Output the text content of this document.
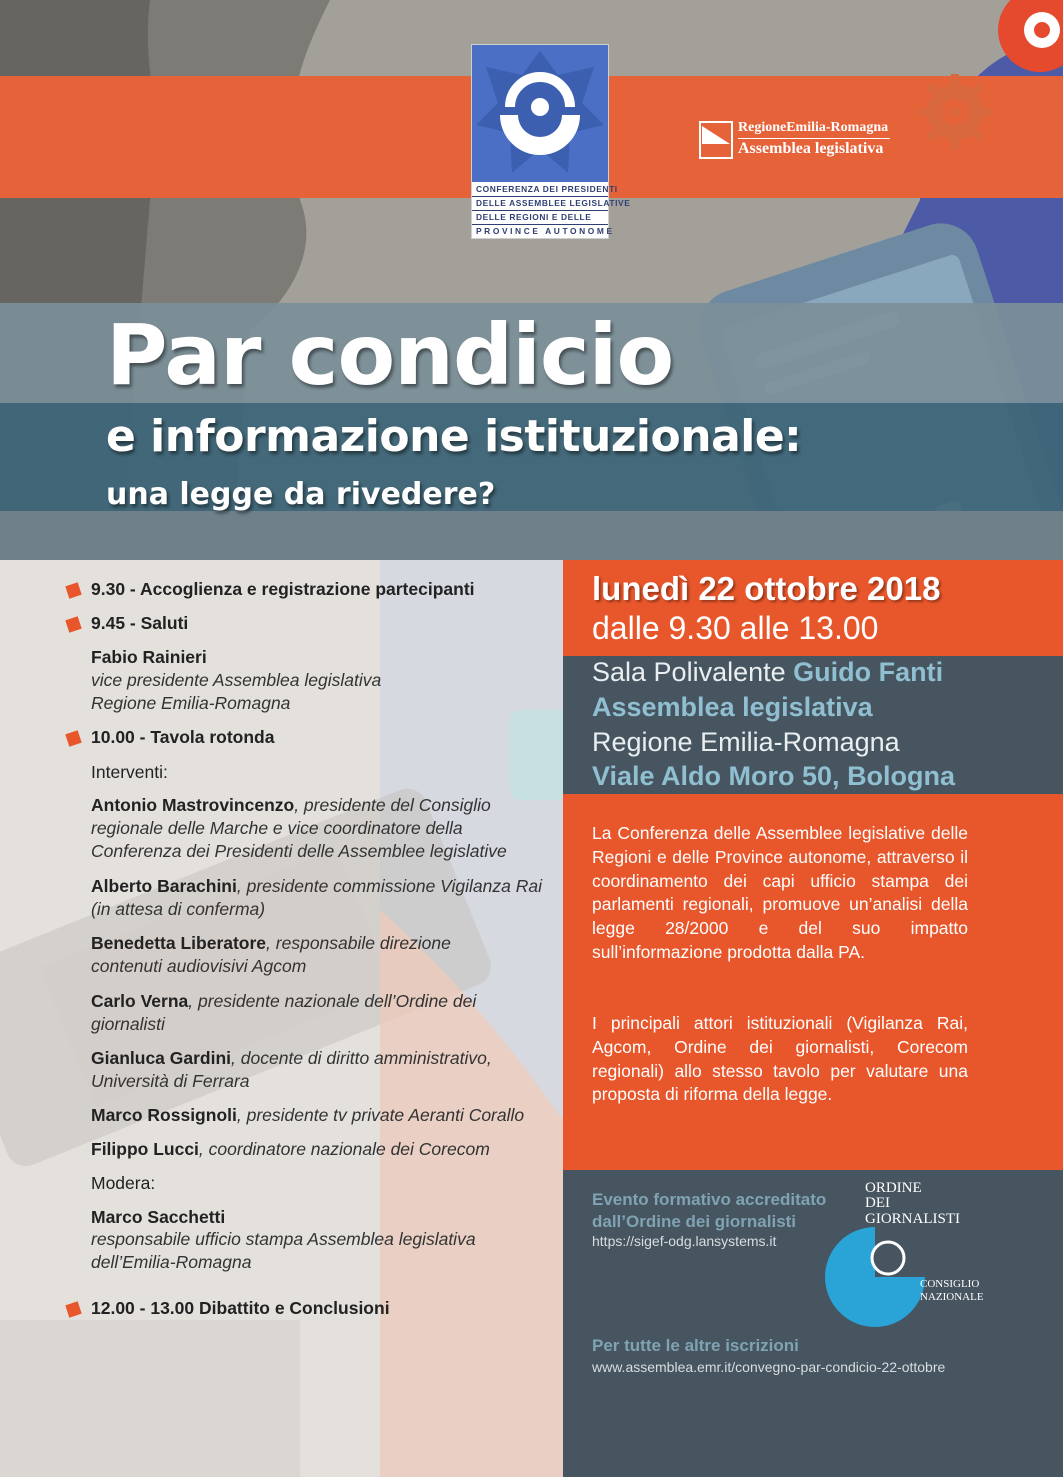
CONFERENZA DEI PRESIDENTI
DELLE ASSEMBLEE LEGISLATIVE
DELLE REGIONI E DELLE
PROVINCE AUTONOME
RegioneEmilia-Romagna
Assemblea legislativa
Par condicio
e informazione istituzionale:
una legge da rivedere?
9.30 - Accoglienza e registrazione partecipanti
9.45 - Saluti
Fabio Rainieri
vice presidente Assemblea legislativa
Regione Emilia-Romagna
10.00 - Tavola rotonda
Interventi:
Antonio Mastrovincenzo, presidente del Consiglio
regionale delle Marche e vice coordinatore della
Conferenza dei Presidenti delle Assemblee legislative
Alberto Barachini, presidente commissione Vigilanza Rai
(in attesa di conferma)
Benedetta Liberatore, responsabile direzione
contenuti audiovisivi Agcom
Carlo Verna, presidente nazionale dell’Ordine dei
giornalisti
Gianluca Gardini, docente di diritto amministrativo,
Università di Ferrara
Marco Rossignoli, presidente tv private Aeranti Corallo
Filippo Lucci, coordinatore nazionale dei Corecom
Modera:
Marco Sacchetti
responsabile ufficio stampa Assemblea legislativa
dell’Emilia-Romagna
12.00 - 13.00 Dibattito e Conclusioni
lunedì 22 ottobre 2018
dalle 9.30 alle 13.00
Sala Polivalente Guido Fanti
Assemblea legislativa
Regione Emilia-Romagna
Viale Aldo Moro 50, Bologna
La Conferenza delle Assemblee legislative delle Regioni e delle Province autonome, attraverso il coordinamento dei capi ufficio stampa dei parlamenti regionali, promuove un’analisi della legge 28/2000 e del suo impatto sull’informazione prodotta dalla PA.
I principali attori istituzionali (Vigilanza Rai, Agcom, Ordine dei giornalisti, Corecom regionali) allo stesso tavolo per valutare una proposta di riforma della legge.
Evento formativo accreditato
dall’Ordine dei giornalisti
https://sigef-odg.lansystems.it
ORDINE
DEI
GIORNALISTI
CONSIGLIO
NAZIONALE
Per tutte le altre iscrizioni
www.assemblea.emr.it/convegno-par-condicio-22-ottobre
